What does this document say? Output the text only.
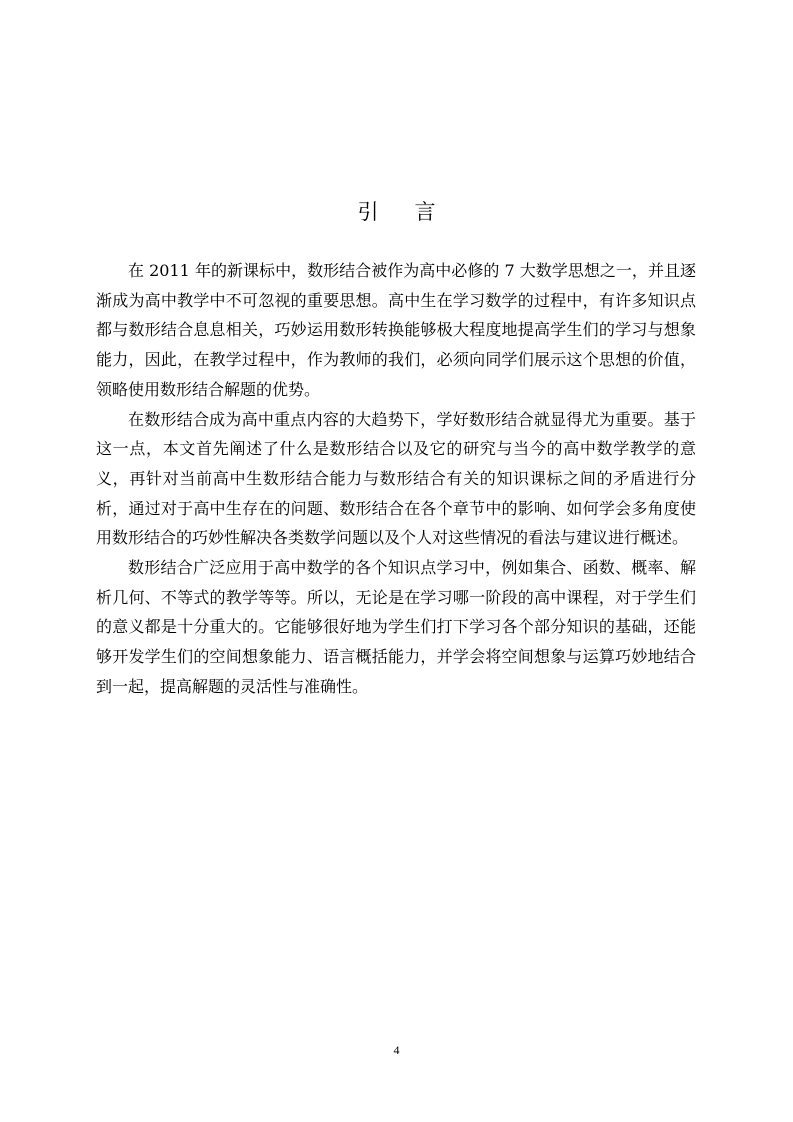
引言

在 2011 年的新课标中，数形结合被作为高中必修的 7 大数学思想之一，并且逐渐成为高中教学中不可忽视的重要思想。高中生在学习数学的过程中，有许多知识点都与数形结合息息相关，巧妙运用数形转换能够极大程度地提高学生们的学习与想象能力，因此，在教学过程中，作为教师的我们，必须向同学们展示这个思想的价值，领略使用数形结合解题的优势。

在数形结合成为高中重点内容的大趋势下，学好数形结合就显得尤为重要。基于这一点，本文首先阐述了什么是数形结合以及它的研究与当今的高中数学教学的意义，再针对当前高中生数形结合能力与数形结合有关的知识课标之间的矛盾进行分析，通过对于高中生存在的问题、数形结合在各个章节中的影响、如何学会多角度使用数形结合的巧妙性解决各类数学问题以及个人对这些情况的看法与建议进行概述。

数形结合广泛应用于高中数学的各个知识点学习中，例如集合、函数、概率、解析几何、不等式的教学等等。所以，无论是在学习哪一阶段的高中课程，对于学生们的意义都是十分重大的。它能够很好地为学生们打下学习各个部分知识的基础，还能够开发学生们的空间想象能力、语言概括能力，并学会将空间想象与运算巧妙地结合到一起，提高解题的灵活性与准确性。

4
